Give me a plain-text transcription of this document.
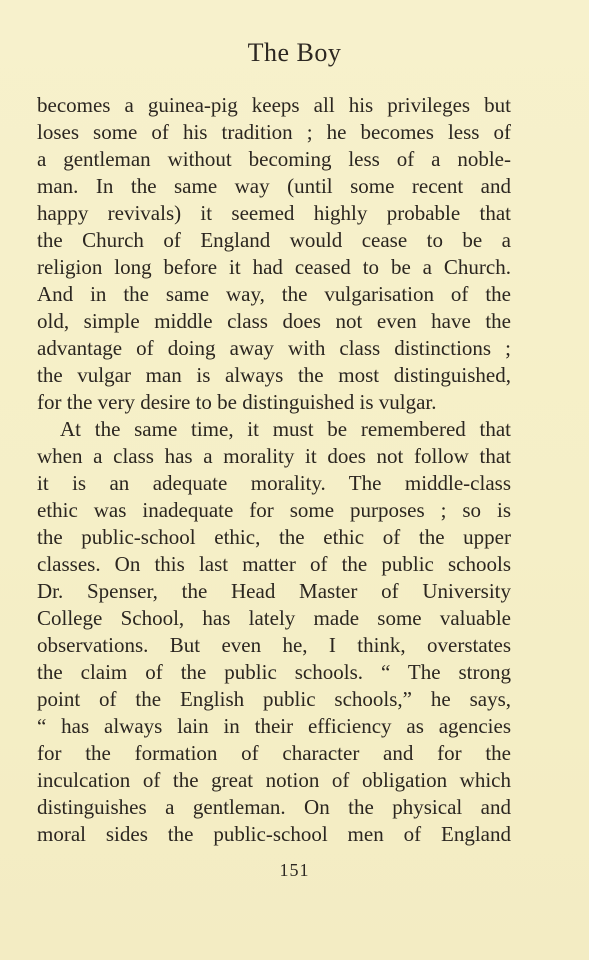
The Boy
becomes a guinea-pig keeps all his privileges but
loses some of his tradition ; he becomes less of
a gentleman without becoming less of a noble-
man. In the same way (until some recent and
happy revivals) it seemed highly probable that
the Church of England would cease to be a
religion long before it had ceased to be a Church.
And in the same way, the vulgarisation of the
old, simple middle class does not even have the
advantage of doing away with class distinctions ;
the vulgar man is always the most distinguished,
for the very desire to be distinguished is vulgar.
At the same time, it must be remembered that
when a class has a morality it does not follow that
it is an adequate morality. The middle-class
ethic was inadequate for some purposes ; so is
the public-school ethic, the ethic of the upper
classes. On this last matter of the public schools
Dr. Spenser, the Head Master of University
College School, has lately made some valuable
observations. But even he, I think, overstates
the claim of the public schools. “ The strong
point of the English public schools,” he says,
“ has always lain in their efficiency as agencies
for the formation of character and for the
inculcation of the great notion of obligation which
distinguishes a gentleman. On the physical and
moral sides the public-school men of England
151
